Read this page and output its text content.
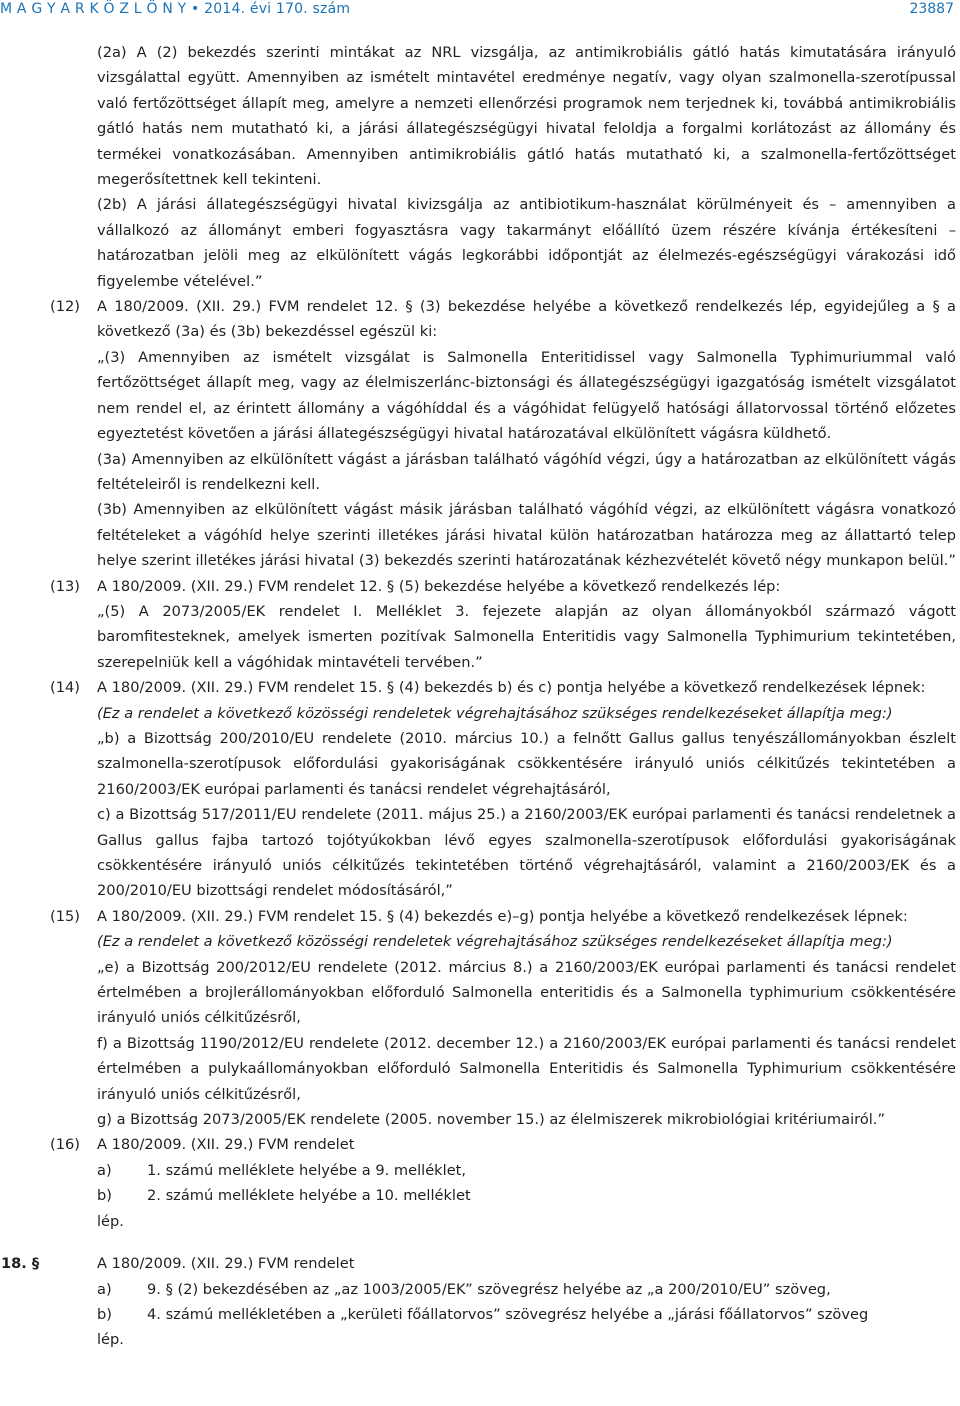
M A G Y A R K Ö Z L Ö N Y • 2014. évi 170. szám	23887

(2a) A (2) bekezdés szerinti mintákat az NRL vizsgálja, az antimikrobiális gátló hatás kimutatására irányuló vizsgálattal együtt. Amennyiben az ismételt mintavétel eredménye negatív, vagy olyan szalmonella-szerotípussal való fertőzöttséget állapít meg, amelyre a nemzeti ellenőrzési programok nem terjednek ki, továbbá antimikrobiális gátló hatás nem mutatható ki, a járási állategészségügyi hivatal feloldja a forgalmi korlátozást az állomány és termékei vonatkozásában. Amennyiben antimikrobiális gátló hatás mutatható ki, a szalmonella-fertőzöttséget megerősítettnek kell tekinteni.

(2b) A járási állategészségügyi hivatal kivizsgálja az antibiotikum-használat körülményeit és – amennyiben a vállalkozó az állományt emberi fogyasztásra vagy takarmányt előállító üzem részére kívánja értékesíteni – határozatban jelöli meg az elkülönített vágás legkorábbi időpontját az élelmezés-egészségügyi várakozási idő figyelembe vételével.”

(12)	A 180/2009. (XII. 29.) FVM rendelet 12. § (3) bekezdése helyébe a következő rendelkezés lép, egyidejűleg a § a következő (3a) és (3b) bekezdéssel egészül ki:

„(3) Amennyiben az ismételt vizsgálat is Salmonella Enteritidissel vagy Salmonella Typhimuriummal való fertőzöttséget állapít meg, vagy az élelmiszerlánc-biztonsági és állategészségügyi igazgatóság ismételt vizsgálatot nem rendel el, az érintett állomány a vágóhíddal és a vágóhidat felügyelő hatósági állatorvossal történő előzetes egyeztetést követően a járási állategészségügyi hivatal határozatával elkülönített vágásra küldhető.

(3a) Amennyiben az elkülönített vágást a járásban található vágóhíd végzi, úgy a határozatban az elkülönített vágás feltételeiről is rendelkezni kell.

(3b) Amennyiben az elkülönített vágást másik járásban található vágóhíd végzi, az elkülönített vágásra vonatkozó feltételeket a vágóhíd helye szerinti illetékes járási hivatal külön határozatban határozza meg az állattartó telep helye szerint illetékes járási hivatal (3) bekezdés szerinti határozatának kézhezvételét követő négy munkapon belül.”

(13)	A 180/2009. (XII. 29.) FVM rendelet 12. § (5) bekezdése helyébe a következő rendelkezés lép:

„(5) A 2073/2005/EK rendelet I. Melléklet 3. fejezete alapján az olyan állományokból származó vágott baromfitesteknek, amelyek ismerten pozitívak Salmonella Enteritidis vagy Salmonella Typhimurium tekintetében, szerepelniük kell a vágóhidak mintavételi tervében.”

(14)	A 180/2009. (XII. 29.) FVM rendelet 15. § (4) bekezdés b) és c) pontja helyébe a következő rendelkezések lépnek:

(Ez a rendelet a következő közösségi rendeletek végrehajtásához szükséges rendelkezéseket állapítja meg:)

„b) a Bizottság 200/2010/EU rendelete (2010. március 10.) a felnőtt Gallus gallus tenyészállományokban észlelt szalmonella-szerotípusok előfordulási gyakoriságának csökkentésére irányuló uniós célkitűzés tekintetében a 2160/2003/EK európai parlamenti és tanácsi rendelet végrehajtásáról,

c) a Bizottság 517/2011/EU rendelete (2011. május 25.) a 2160/2003/EK európai parlamenti és tanácsi rendeletnek a Gallus gallus fajba tartozó tojótyúkokban lévő egyes szalmonella-szerotípusok előfordulási gyakoriságának csökkentésére irányuló uniós célkitűzés tekintetében történő végrehajtásáról, valamint a 2160/2003/EK és a 200/2010/EU bizottsági rendelet módosításáról,”

(15)	A 180/2009. (XII. 29.) FVM rendelet 15. § (4) bekezdés e)–g) pontja helyébe a következő rendelkezések lépnek:

(Ez a rendelet a következő közösségi rendeletek végrehajtásához szükséges rendelkezéseket állapítja meg:)

„e) a Bizottság 200/2012/EU rendelete (2012. március 8.) a 2160/2003/EK európai parlamenti és tanácsi rendelet értelmében a brojlerállományokban előforduló Salmonella enteritidis és a Salmonella typhimurium csökkentésére irányuló uniós célkitűzésről,

f) a Bizottság 1190/2012/EU rendelete (2012. december 12.) a 2160/2003/EK európai parlamenti és tanácsi rendelet értelmében a pulykaállományokban előforduló Salmonella Enteritidis és Salmonella Typhimurium csökkentésére irányuló uniós célkitűzésről,

g) a Bizottság 2073/2005/EK rendelete (2005. november 15.) az élelmiszerek mikrobiológiai kritériumairól.”

(16)	A 180/2009. (XII. 29.) FVM rendelet

a)	1. számú melléklete helyébe a 9. melléklet,
b)	2. számú melléklete helyébe a 10. melléklet

lép.

18. §	A 180/2009. (XII. 29.) FVM rendelet
a)	9. § (2) bekezdésében az „az 1003/2005/EK” szövegrész helyébe az „a 200/2010/EU” szöveg,
b)	4. számú mellékletében a „kerületi főállatorvos” szövegrész helyébe a „járási főállatorvos” szöveg

lép.
